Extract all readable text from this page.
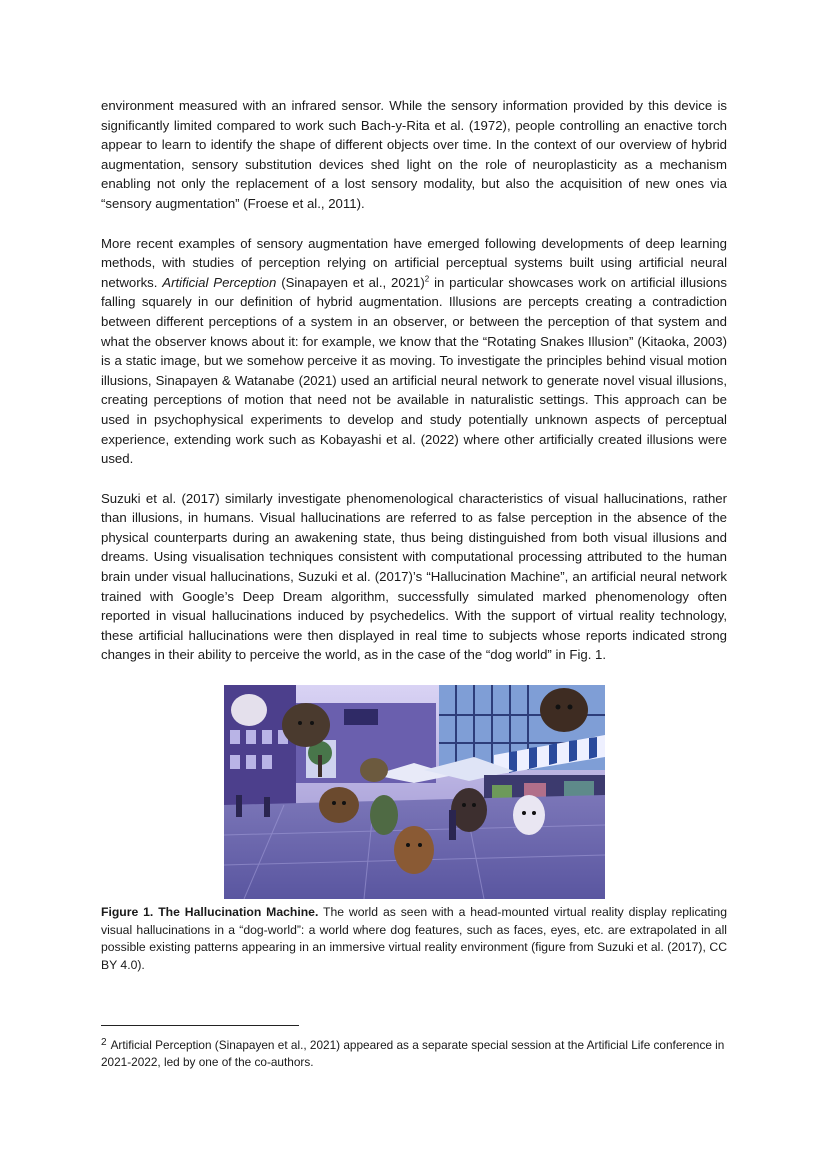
environment measured with an infrared sensor. While the sensory information provided by this device is significantly limited compared to work such Bach-y-Rita et al. (1972), people controlling an enactive torch appear to learn to identify the shape of different objects over time. In the context of our overview of hybrid augmentation, sensory substitution devices shed light on the role of neuroplasticity as a mechanism enabling not only the replacement of a lost sensory modality, but also the acquisition of new ones via “sensory augmentation” (Froese et al., 2011).

More recent examples of sensory augmentation have emerged following developments of deep learning methods, with studies of perception relying on artificial perceptual systems built using artificial neural networks. Artificial Perception (Sinapayen et al., 2021)$^2$ in particular showcases work on artificial illusions falling squarely in our definition of hybrid augmentation. Illusions are percepts creating a contradiction between different perceptions of a system in an observer, or between the perception of that system and what the observer knows about it: for example, we know that the “Rotating Snakes Illusion” (Kitaoka, 2003) is a static image, but we somehow perceive it as moving. To investigate the principles behind visual motion illusions, Sinapayen & Watanabe (2021) used an artificial neural network to generate novel visual illusions, creating perceptions of motion that need not be available in naturalistic settings. This approach can be used in psychophysical experiments to develop and study potentially unknown aspects of perceptual experience, extending work such as Kobayashi et al. (2022) where other artificially created illusions were used.

Suzuki et al. (2017) similarly investigate phenomenological characteristics of visual hallucinations, rather than illusions, in humans. Visual hallucinations are referred to as false perception in the absence of the physical counterparts during an awakening state, thus being distinguished from both visual illusions and dreams. Using visualisation techniques consistent with computational processing attributed to the human brain under visual hallucinations, Suzuki et al. (2017)’s “Hallucination Machine”, an artificial neural network trained with Google’s Deep Dream algorithm, successfully simulated marked phenomenology often reported in visual hallucinations induced by psychedelics. With the support of virtual reality technology, these artificial hallucinations were then displayed in real time to subjects whose reports indicated strong changes in their ability to perceive the world, as in the case of the “dog world” in Fig. 1.

Figure 1. The Hallucination Machine. The world as seen with a head-mounted virtual reality display replicating visual hallucinations in a “dog-world”: a world where dog features, such as faces, eyes, etc. are extrapolated in all possible existing patterns appearing in an immersive virtual reality environment (figure from Suzuki et al. (2017), CC BY 4.0).

$^2$ Artificial Perception (Sinapayen et al., 2021) appeared as a separate special session at the Artificial Life conference in 2021-2022, led by one of the co-authors.
